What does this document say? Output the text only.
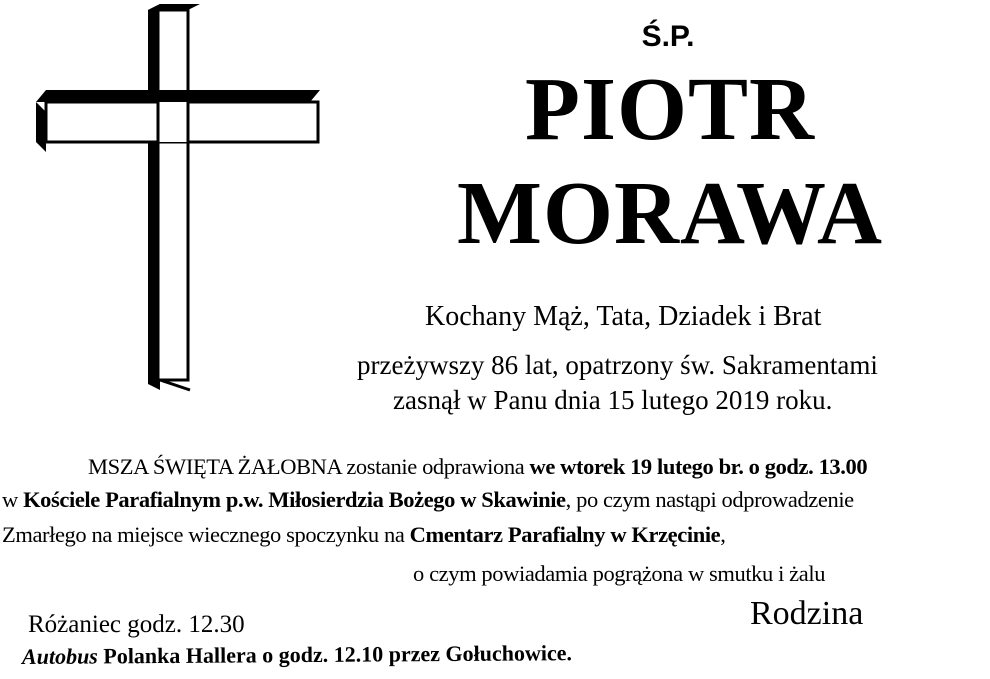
Ś.P.
PIOTR
MORAWA
Kochany Mąż, Tata, Dziadek i Brat
przeżywszy 86 lat, opatrzony św. Sakramentami
zasnął w Panu dnia 15 lutego 2019 roku.
MSZA ŚWIĘTA ŻAŁOBNA zostanie odprawiona we wtorek 19 lutego br. o godz. 13.00
w Kościele Parafialnym p.w. Miłosierdzia Bożego w Skawinie, po czym nastąpi odprowadzenie
Zmarłego na miejsce wiecznego spoczynku na Cmentarz Parafialny w Krzęcinie,
o czym powiadamia pogrążona w smutku i żalu
Różaniec godz. 12.30	Rodzina
Autobus Polanka Hallera o godz. 12.10 przez Gołuchowice.
